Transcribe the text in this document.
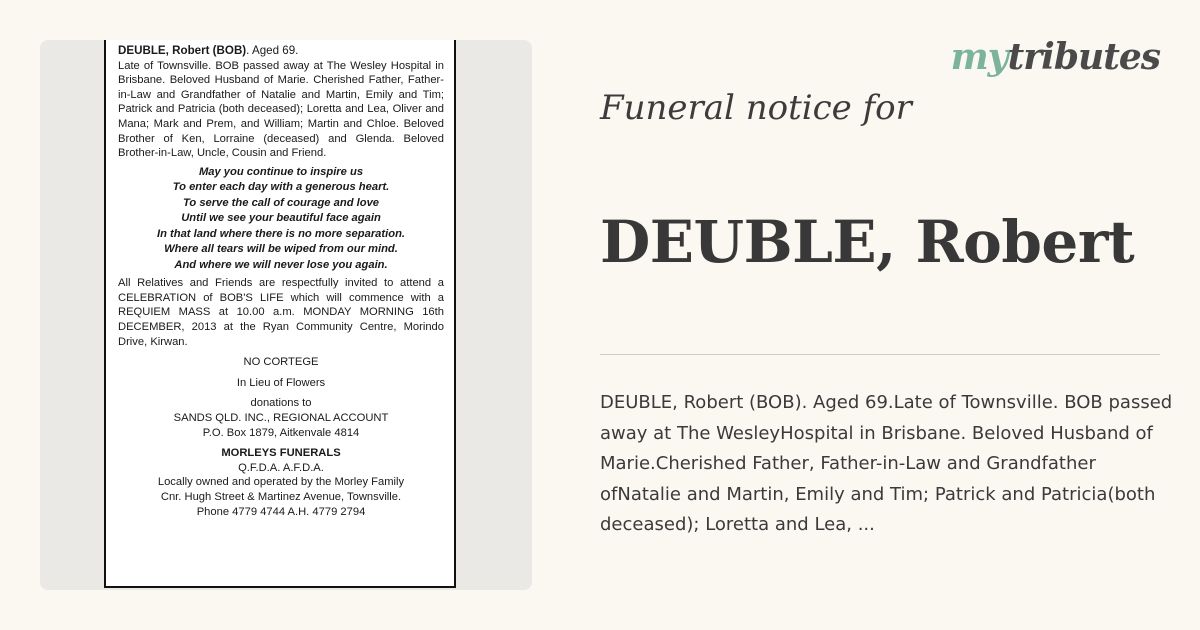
DEUBLE, Robert (BOB). Aged 69.

Late of Townsville. BOB passed away at The Wesley Hospital in Brisbane. Beloved Husband of Marie. Cherished Father, Father-in-Law and Grandfather of Natalie and Martin, Emily and Tim; Patrick and Patricia (both deceased); Loretta and Lea, Oliver and Mana; Mark and Prem, and William; Martin and Chloe. Beloved Brother of Ken, Lorraine (deceased) and Glenda. Beloved Brother-in-Law, Uncle, Cousin and Friend.

May you continue to inspire us
To enter each day with a generous heart.
To serve the call of courage and love
Until we see your beautiful face again
In that land where there is no more separation.
Where all tears will be wiped from our mind.
And where we will never lose you again.

All Relatives and Friends are respectfully invited to attend a CELEBRATION of BOB'S LIFE which will commence with a REQUIEM MASS at 10.00 a.m. MONDAY MORNING 16th DECEMBER, 2013 at the Ryan Community Centre, Morindo Drive, Kirwan.

NO CORTEGE
In Lieu of Flowers
donations to
SANDS QLD. INC., REGIONAL ACCOUNT
P.O. Box 1879, Aitkenvale 4814
MORLEYS FUNERALS
Q.F.D.A. A.F.D.A.
Locally owned and operated by the Morley Family
Cnr. Hugh Street & Martinez Avenue, Townsville.
Phone 4779 4744 A.H. 4779 2794
mytributes
Funeral notice for
DEUBLE, Robert
DEUBLE, Robert (BOB). Aged 69.Late of Townsville. BOB passed away at The WesleyHospital in Brisbane. Beloved Husband of Marie.Cherished Father, Father-in-Law and Grandfather ofNatalie and Martin, Emily and Tim; Patrick and Patricia(both deceased); Loretta and Lea, ...
